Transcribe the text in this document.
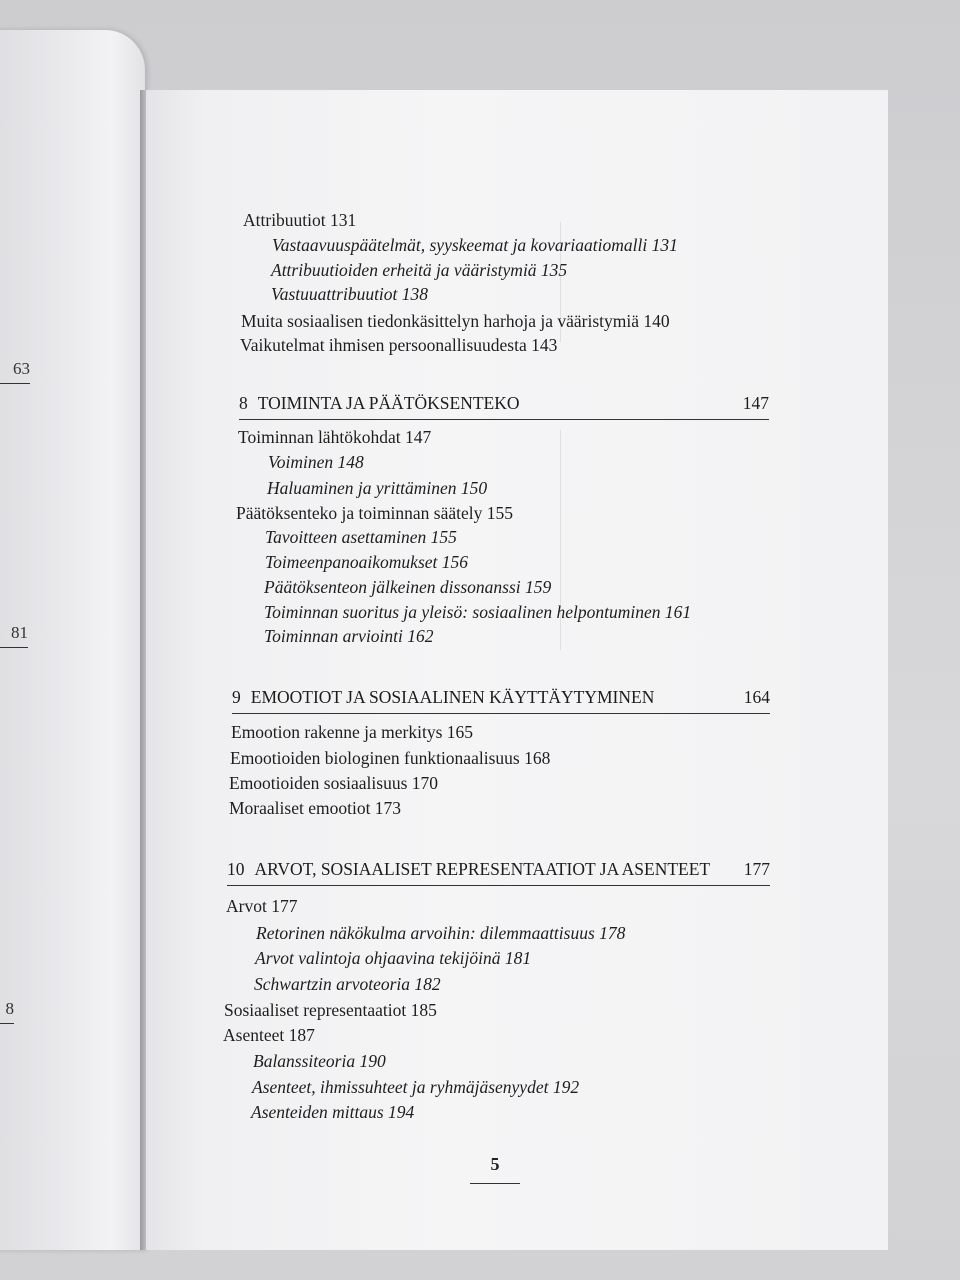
63
81
8
Attribuutiot 131
Vastaavuuspäätelmät, syyskeemat ja kovariaatiomalli 131
Attribuutioiden erheitä ja vääristymiä 135
Vastuuattribuutiot 138
Muita sosiaalisen tiedonkäsittelyn harhoja ja vääristymiä 140
Vaikutelmat ihmisen persoonallisuudesta 143
8 TOIMINTA JA PÄÄTÖKSENTEKO	147
Toiminnan lähtökohdat 147
Voiminen 148
Haluaminen ja yrittäminen 150
Päätöksenteko ja toiminnan säätely 155
Tavoitteen asettaminen 155
Toimeenpanoaikomukset 156
Päätöksenteon jälkeinen dissonanssi 159
Toiminnan suoritus ja yleisö: sosiaalinen helpontuminen 161
Toiminnan arviointi 162
9 EMOOTIOT JA SOSIAALINEN KÄYTTÄYTYMINEN	164
Emootion rakenne ja merkitys 165
Emootioiden biologinen funktionaalisuus 168
Emootioiden sosiaalisuus 170
Moraaliset emootiot 173
10 ARVOT, SOSIAALISET REPRESENTAATIOT JA ASENTEET 177
Arvot 177
Retorinen näkökulma arvoihin: dilemmaattisuus 178
Arvot valintoja ohjaavina tekijöinä 181
Schwartzin arvoteoria 182
Sosiaaliset representaatiot 185
Asenteet 187
Balanssiteoria 190
Asenteet, ihmissuhteet ja ryhmäjäsenyydet 192
Asenteiden mittaus 194
5
